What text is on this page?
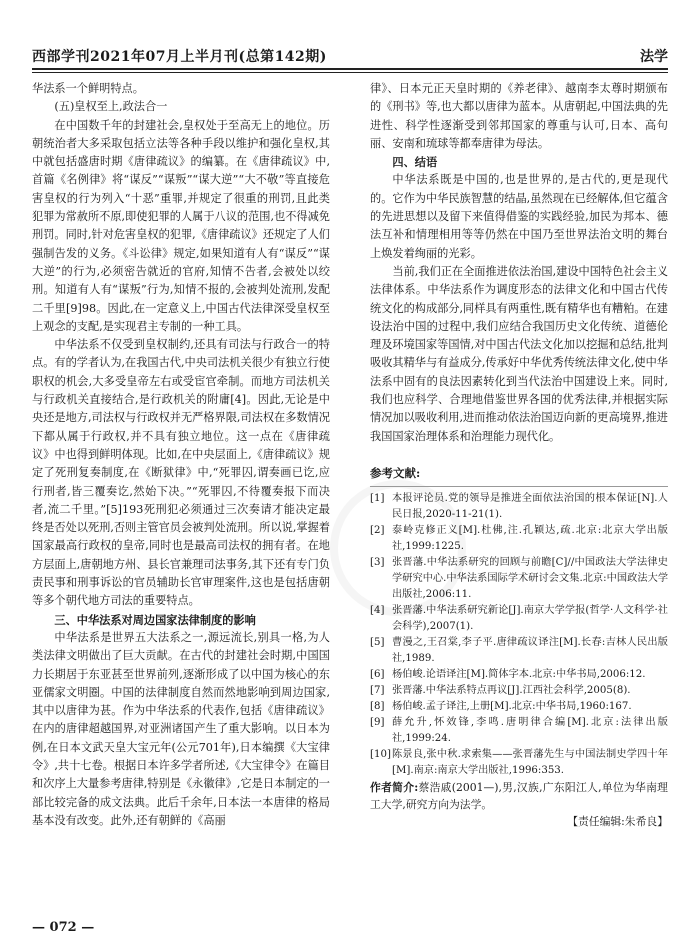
西部学刊2021年07月上半月刊(总第142期)	法学

华法系一个鲜明特点。

(五)皇权至上,政法合一

在中国数千年的封建社会,皇权处于至高无上的地位。历朝统治者大多采取包括立法等各种手段以维护和强化皇权,其中就包括盛唐时期《唐律疏议》的编纂。在《唐律疏议》中,首篇《名例律》将“谋反”“谋叛”“谋大逆”“大不敬”等直接危害皇权的行为列入“十恶”重罪,并规定了很重的刑罚,且此类犯罪为常赦所不原,即使犯罪的人属于八议的范围,也不得减免刑罚。同时,针对危害皇权的犯罪,《唐律疏议》还规定了人们强制告发的义务。《斗讼律》规定,如果知道有人有“谋反”“谋大逆”的行为,必须密告就近的官府,知情不告者,会被处以绞刑。知道有人有“谋叛”行为,知情不报的,会被判处流刑,发配二千里[9]98。因此,在一定意义上,中国古代法律深受皇权至上观念的支配,是实现君主专制的一种工具。

中华法系不仅受到皇权制约,还具有司法与行政合一的特点。有的学者认为,在我国古代,中央司法机关很少有独立行使职权的机会,大多受皇帝左右或受宦官牵制。而地方司法机关与行政机关直接结合,是行政机关的附庸[4]。因此,无论是中央还是地方,司法权与行政权并无严格界限,司法权在多数情况下都从属于行政权,并不具有独立地位。这一点在《唐律疏议》中也得到鲜明体现。比如,在中央层面上,《唐律疏议》规定了死刑复奏制度,在《断狱律》中,“死罪囚,谓奏画已讫,应行刑者,皆三覆奏讫,然始下决。”“死罪囚,不待覆奏报下而决者,流二千里。”[5]193死刑犯必须通过三次奏请才能决定最终是否处以死刑,否则主管官员会被判处流刑。所以说,掌握着国家最高行政权的皇帝,同时也是最高司法权的拥有者。在地方层面上,唐朝地方州、县长官兼理司法事务,其下还有专门负责民事和刑事诉讼的官员辅助长官审理案件,这也是包括唐朝等多个朝代地方司法的重要特点。

三、中华法系对周边国家法律制度的影响

中华法系是世界五大法系之一,源远流长,别具一格,为人类法律文明做出了巨大贡献。在古代的封建社会时期,中国国力长期居于东亚甚至世界前列,逐渐形成了以中国为核心的东亚儒家文明圈。中国的法律制度自然而然地影响到周边国家,其中以唐律为甚。作为中华法系的代表作,包括《唐律疏议》在内的唐律超越国界,对亚洲诸国产生了重大影响。以日本为例,在日本文武天皇大宝元年(公元701年),日本编撰《大宝律令》,共十七卷。根据日本许多学者所述,《大宝律令》在篇目和次序上大量参考唐律,特别是《永徽律》,它是日本制定的一部比较完备的成文法典。此后千余年,日本法一本唐律的格局基本没有改变。此外,还有朝鲜的《高丽

律》、日本元正天皇时期的《养老律》、越南李太尊时期颁布的《刑书》等,也大都以唐律为蓝本。从唐朝起,中国法典的先进性、科学性逐渐受到邻邦国家的尊重与认可,日本、高句丽、安南和琉球等都奉唐律为母法。

四、结语

中华法系既是中国的,也是世界的,是古代的,更是现代的。它作为中华民族智慧的结晶,虽然现在已经解体,但它蕴含的先进思想以及留下来值得借鉴的实践经验,加民为邦本、德法互补和情理相用等等仍然在中国乃至世界法治文明的舞台上焕发着绚丽的光彩。

当前,我们正在全面推进依法治国,建设中国特色社会主义法律体系。中华法系作为调度形态的法律文化和中国古代传统文化的构成部分,同样具有两重性,既有精华也有糟粕。在建设法治中国的过程中,我们应结合我国历史文化传统、道德伦理及环境国家等国情,对中国古代法文化加以挖掘和总结,批判吸收其精华与有益成分,传承好中华优秀传统法律文化,使中华法系中固有的良法因素转化到当代法治中国建设上来。同时,我们也应科学、合理地借鉴世界各国的优秀法律,并根据实际情况加以吸收利用,进而推动依法治国迈向新的更高境界,推进我国国家治理体系和治理能力现代化。

参考文献:

[1] 本报评论员.党的领导是推进全面依法治国的根本保证[N].人民日报,2020-11-21(1).
[2] 泰岭克修正义[M].杜佛,注.孔颖达,疏.北京:北京大学出版社,1999:1225.
[3] 张晋藩.中华法系研究的回顾与前瞻[C]//中国政法大学法律史学研究中心.中华法系国际学术研讨会文集.北京:中国政法大学出版社,2006:11.
[4] 张晋藩.中华法系研究新论[J].南京大学学报(哲学·人文科学·社会科学),2007(1).
[5] 曹漫之,王召棠,李子平.唐律疏议译注[M].长春:吉林人民出版社,1989.
[6] 杨伯峻.论语译注[M].简体字本.北京:中华书局,2006:12.
[7] 张晋藩.中华法系特点再议[J].江西社会科学,2005(8).
[8] 杨伯峻.孟子译注,上册[M].北京:中华书局,1960:167.
[9] 薛允升,怀效锋,李鸣.唐明律合编[M].北京:法律出版社,1999:24.
[10] 陈景良,张中秋.求索集——张晋藩先生与中国法制史学四十年[M].南京:南京大学出版社,1996:353.

作者简介:蔡浩戚(2001—),男,汉族,广东阳江人,单位为华南理工大学,研究方向为法学。

【责任编辑:朱希良】

— 072 —
